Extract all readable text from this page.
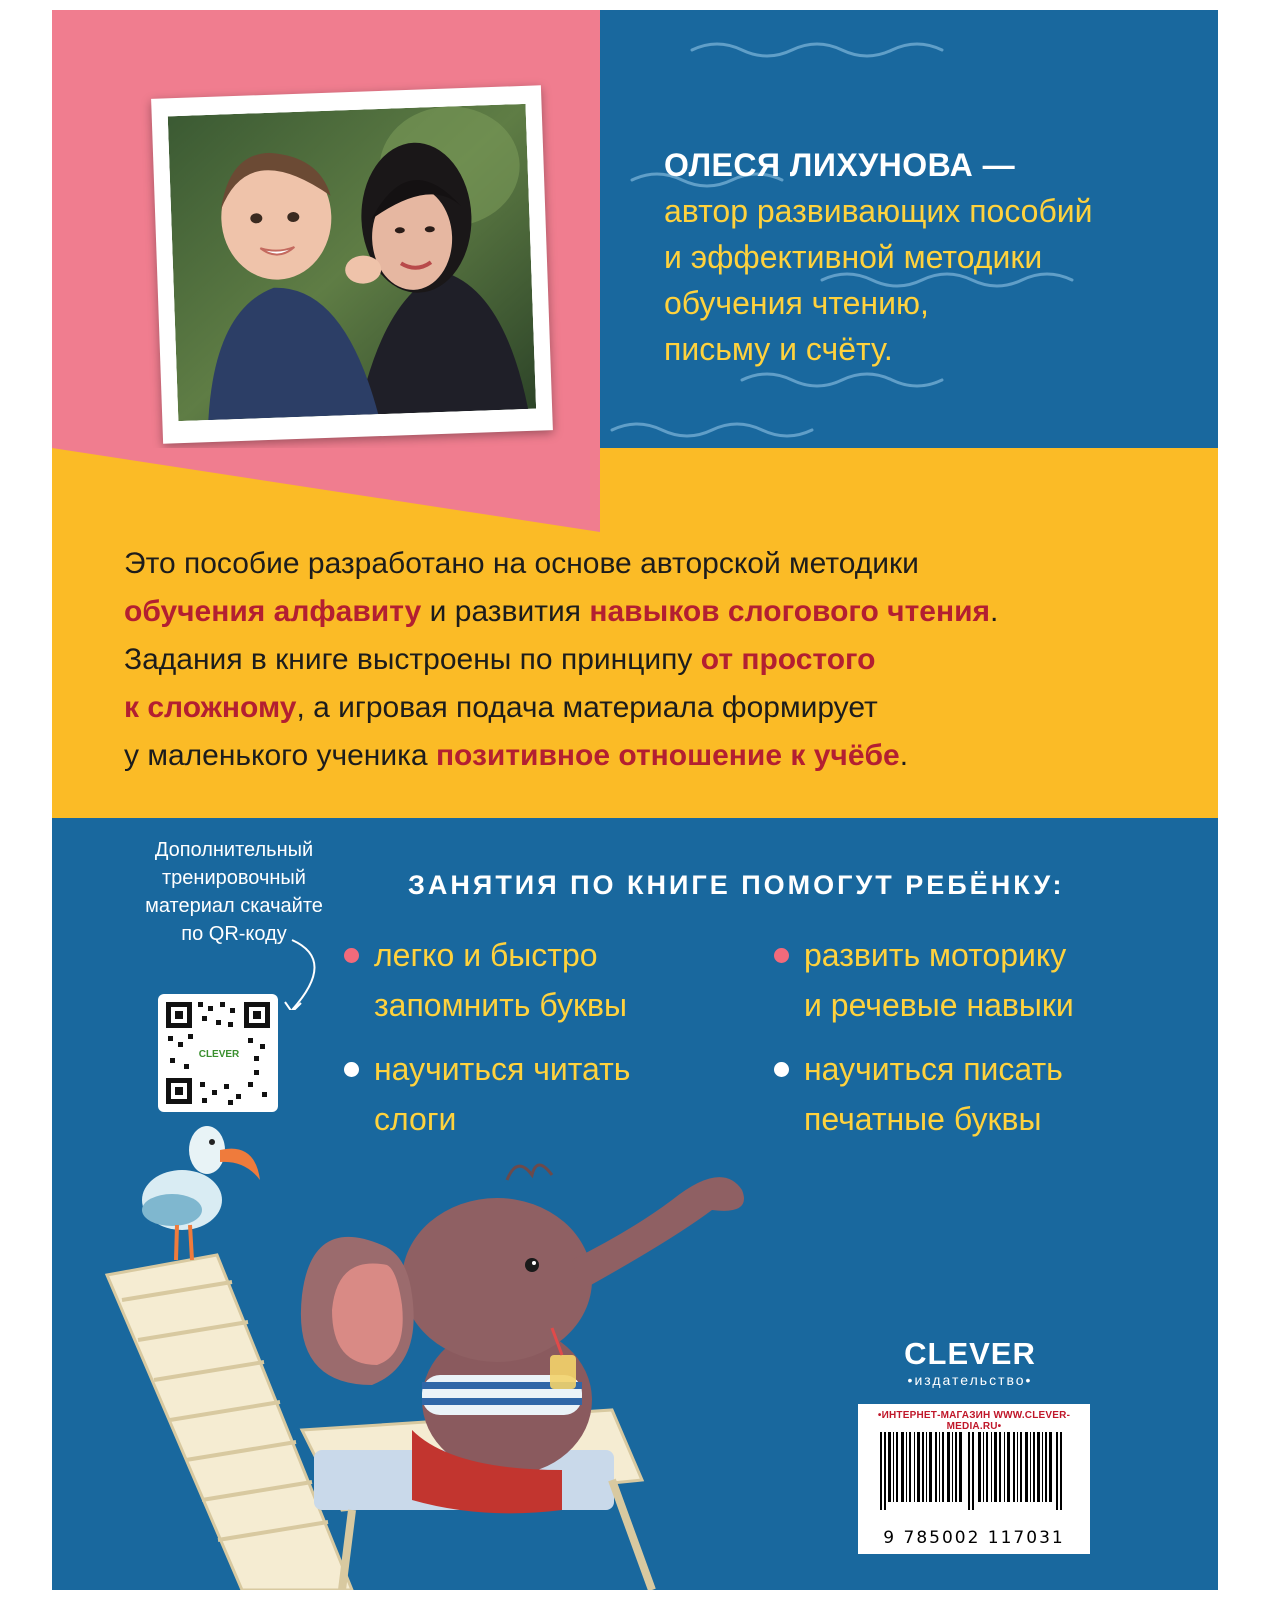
ОЛЕСЯ ЛИХУНОВА —
автор развивающих пособий
и эффективной методики
обучения чтению,
письму и счёту.
Это пособие разработано на основе авторской методики
обучения алфавиту и развития навыков слогового чтения.
Задания в книге выстроены по принципу от простого
к сложному, а игровая подача материала формирует
у маленького ученика позитивное отношение к учёбе.
Дополнительный
тренировочный
материал скачайте
по QR-коду
CLEVER
ЗАНЯТИЯ ПО КНИГЕ ПОМОГУТ РЕБЁНКУ:
легко и быстро
запомнить буквы
развить моторику
и речевые навыки
научиться читать
слоги
научиться писать
печатные буквы
CLEVER
•издательство•
•ИНТЕРНЕТ-МАГАЗИН WWW.CLEVER-MEDIA.RU•
9 785002 117031
